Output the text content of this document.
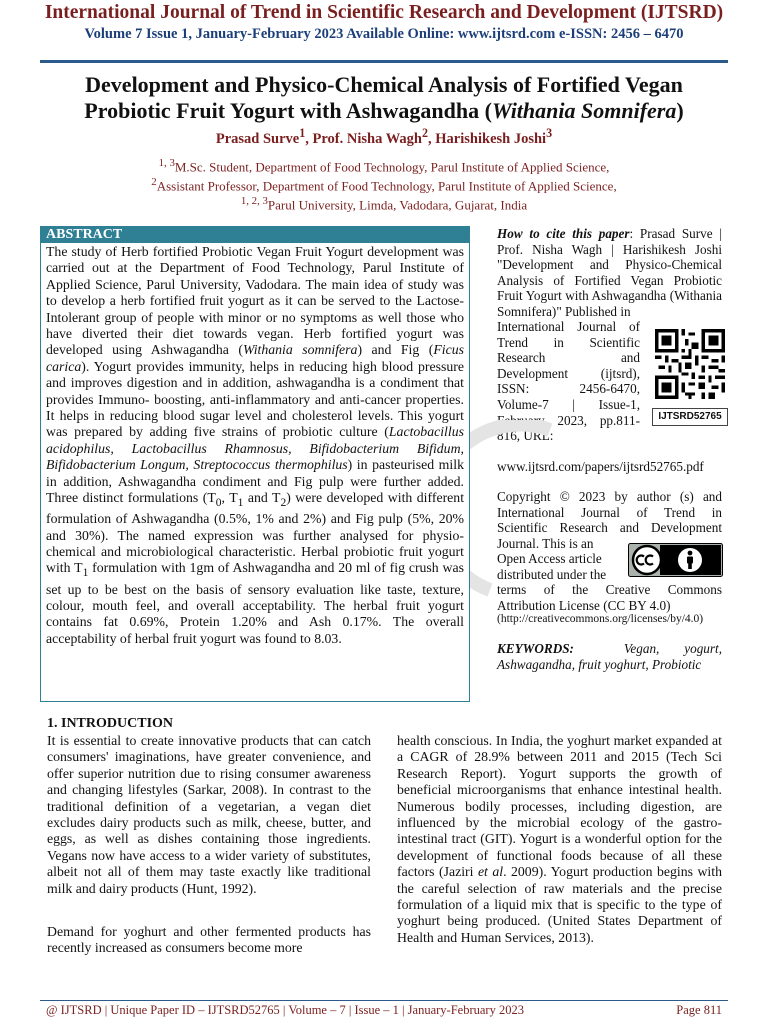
International Journal of Trend in Scientific Research and Development (IJTSRD)
Volume 7 Issue 1, January-February 2023 Available Online: www.ijtsrd.com e-ISSN: 2456 – 6470
Development and Physico-Chemical Analysis of Fortified Vegan
Probiotic Fruit Yogurt with Ashwagandha (Withania Somnifera)
Prasad Surve$^1$, Prof. Nisha Wagh$^2$, Harishikesh Joshi$^3$
$^{1, 3}$M.Sc. Student, Department of Food Technology, Parul Institute of Applied Science,
$^2$Assistant Professor, Department of Food Technology, Parul Institute of Applied Science,
$^{1, 2, 3}$Parul University, Limda, Vadodara, Gujarat, India
ABSTRACT
The study of Herb fortified Probiotic Vegan Fruit Yogurt development was carried out at the Department of Food Technology, Parul Institute of Applied Science, Parul University, Vadodara. The main idea of study was to develop a herb fortified fruit yogurt as it can be served to the Lactose-Intolerant group of people with minor or no symptoms as well those who have diverted their diet towards vegan. Herb fortified yogurt was developed using Ashwagandha (Withania somnifera) and Fig (Ficus carica). Yogurt provides immunity, helps in reducing high blood pressure and improves digestion and in addition, ashwagandha is a condiment that provides Immuno- boosting, anti-inflammatory and anti-cancer properties. It helps in reducing blood sugar level and cholesterol levels. This yogurt was prepared by adding five strains of probiotic culture (Lactobacillus acidophilus, Lactobacillus Rhamnosus, Bifidobacterium Bifidum, Bifidobacterium Longum, Streptococcus thermophilus) in pasteurised milk in addition, Ashwagandha condiment and Fig pulp were further added. Three distinct formulations ($T_0$, $T_1$ and $T_2$) were developed with different formulation of Ashwagandha (0.5%, 1% and 2%) and Fig pulp (5%, 20% and 30%). The named expression was further analysed for physio- chemical and microbiological characteristic. Herbal probiotic fruit yogurt with $T_1$ formulation with 1gm of Ashwagandha and 20 ml of fig crush was set up to be best on the basis of sensory evaluation like taste, texture, colour, mouth feel, and overall acceptability. The herbal fruit yogurt contains fat 0.69%, Protein 1.20% and Ash 0.17%. The overall acceptability of herbal fruit yogurt was found to 8.03.
How to cite this paper: Prasad Surve | Prof. Nisha Wagh | Harishikesh Joshi "Development and Physico-Chemical Analysis of Fortified Vegan Probiotic Fruit Yogurt with Ashwagandha (Withania Somnifera)" Published in
International Journal of Trend in Scientific Research and Development (ijtsrd), ISSN: 2456-6470, Volume-7 | Issue-1, February 2023, pp.811-816, URL:
www.ijtsrd.com/papers/ijtsrd52765.pdf
IJTSRD52765
Copyright © 2023 by author (s) and International Journal of Trend in Scientific Research and Development Journal. This is an
Open Access article distributed under the
terms of the Creative Commons Attribution License (CC BY 4.0)
(http://creativecommons.org/licenses/by/4.0)
KEYWORDS:	Vegan, yogurt, Ashwagandha, fruit yoghurt, Probiotic
1. INTRODUCTION
It is essential to create innovative products that can catch consumers' imaginations, have greater convenience, and offer superior nutrition due to rising consumer awareness and changing lifestyles (Sarkar, 2008). In contrast to the traditional definition of a vegetarian, a vegan diet excludes dairy products such as milk, cheese, butter, and eggs, as well as dishes containing those ingredients. Vegans now have access to a wider variety of substitutes, albeit not all of them may taste exactly like traditional milk and dairy products (Hunt, 1992).
Demand for yoghurt and other fermented products has recently increased as consumers become more
health conscious. In India, the yoghurt market expanded at a CAGR of 28.9% between 2011 and 2015 (Tech Sci Research Report). Yogurt supports the growth of beneficial microorganisms that enhance intestinal health. Numerous bodily processes, including digestion, are influenced by the microbial ecology of the gastro-intestinal tract (GIT). Yogurt is a wonderful option for the development of functional foods because of all these factors (Jaziri et al. 2009). Yogurt production begins with the careful selection of raw materials and the precise formulation of a liquid mix that is specific to the type of yoghurt being produced. (United States Department of Health and Human Services, 2013).
@ IJTSRD | Unique Paper ID – IJTSRD52765 | Volume – 7 | Issue – 1 | January-February 2023	Page 811
